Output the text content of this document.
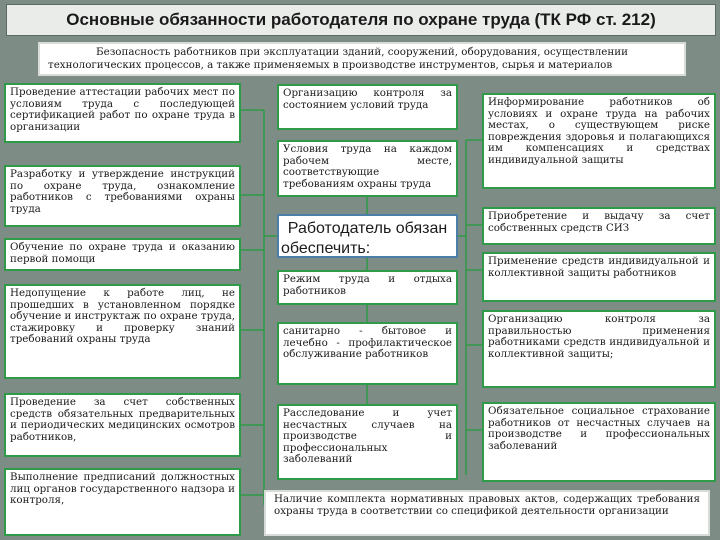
Основные обязанности работодателя по охране труда (ТК РФ ст. 212)
Безопасность работников при эксплуатации зданий, сооружений, оборудования, осуществлении технологических процессов, а также применяемых в производстве инструментов, сырья и материалов
Проведение аттестации рабочих мест по условиям труда с последующей сертификацией работ по охране труда в организации
Разработку и утверждение инструкций по охране труда, ознакомление работников с требованиями охраны труда
Обучение по охране труда и оказанию первой помощи
Недопущение к работе лиц, не прошедших в установленном порядке обучение и инструктаж по охране труда, стажировку и проверку знаний требований охраны труда
Проведение за счет собственных средств обязательных предварительных и периодических медицинских осмотров работников,
Выполнение предписаний должностных лиц органов государственного надзора и контроля,
Организацию контроля за состоянием условий труда
Условия труда на каждом рабочем месте, соответствующие требованиям охраны труда
Работодатель обязан обеспечить:
Режим труда и отдыха работников
санитарно - бытовое и лечебно - профилактическое обслуживание работников
Расследование и учет несчастных случаев на производстве и профессиональных заболеваний
Информирование работников об условиях и охране труда на рабочих местах, о существующем риске повреждения здоровья и полагающихся им компенсациях и средствах индивидуальной защиты
Приобретение и выдачу за счет собственных средств СИЗ
Применение средств индивидуальной и коллективной защиты работников
Организацию контроля за правильностью применения работниками средств индивидуальной и коллективной защиты;
Обязательное социальное страхование работников от несчастных случаев на производстве и профессиональных заболеваний
Наличие комплекта нормативных правовых актов, содержащих требования охраны труда в соответствии со спецификой деятельности организации
